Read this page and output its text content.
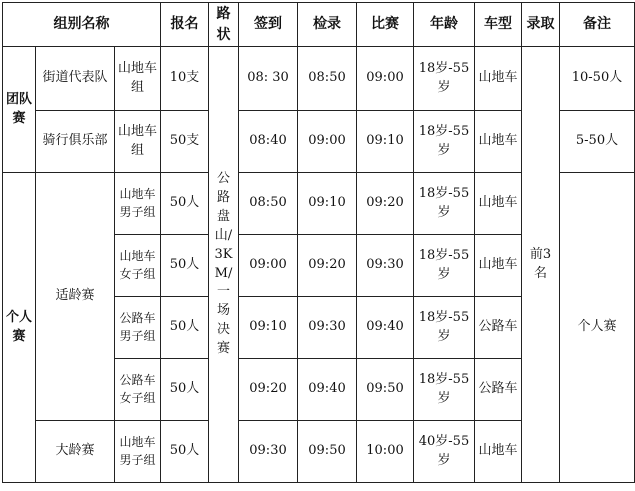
组别名称			报名	路状	签到	检录	比赛	年龄	车型	录取	备注
团队赛	街道代表队	山地车组	10支	公路盘山/3KM/一场决赛	08: 30	08:50	09:00	18岁-55岁	山地车	前3名	10-50人
	骑行俱乐部	山地车组	50支		08:40	09:00	09:10	18岁-55岁	山地车		5-50人
个人赛	适龄赛	山地车男子组	50人		08:50	09:10	09:20	18岁-55岁	山地车		个人赛
		山地车女子组	50人		09:00	09:20	09:30	18岁-55岁	山地车		
		公路车男子组	50人		09:10	09:30	09:40	18岁-55岁	公路车		
		公路车女子组	50人		09:20	09:40	09:50	18岁-55岁	公路车		
	大龄赛	山地车男子组	50人		09:30	09:50	10:00	40岁-55岁	山地车		
